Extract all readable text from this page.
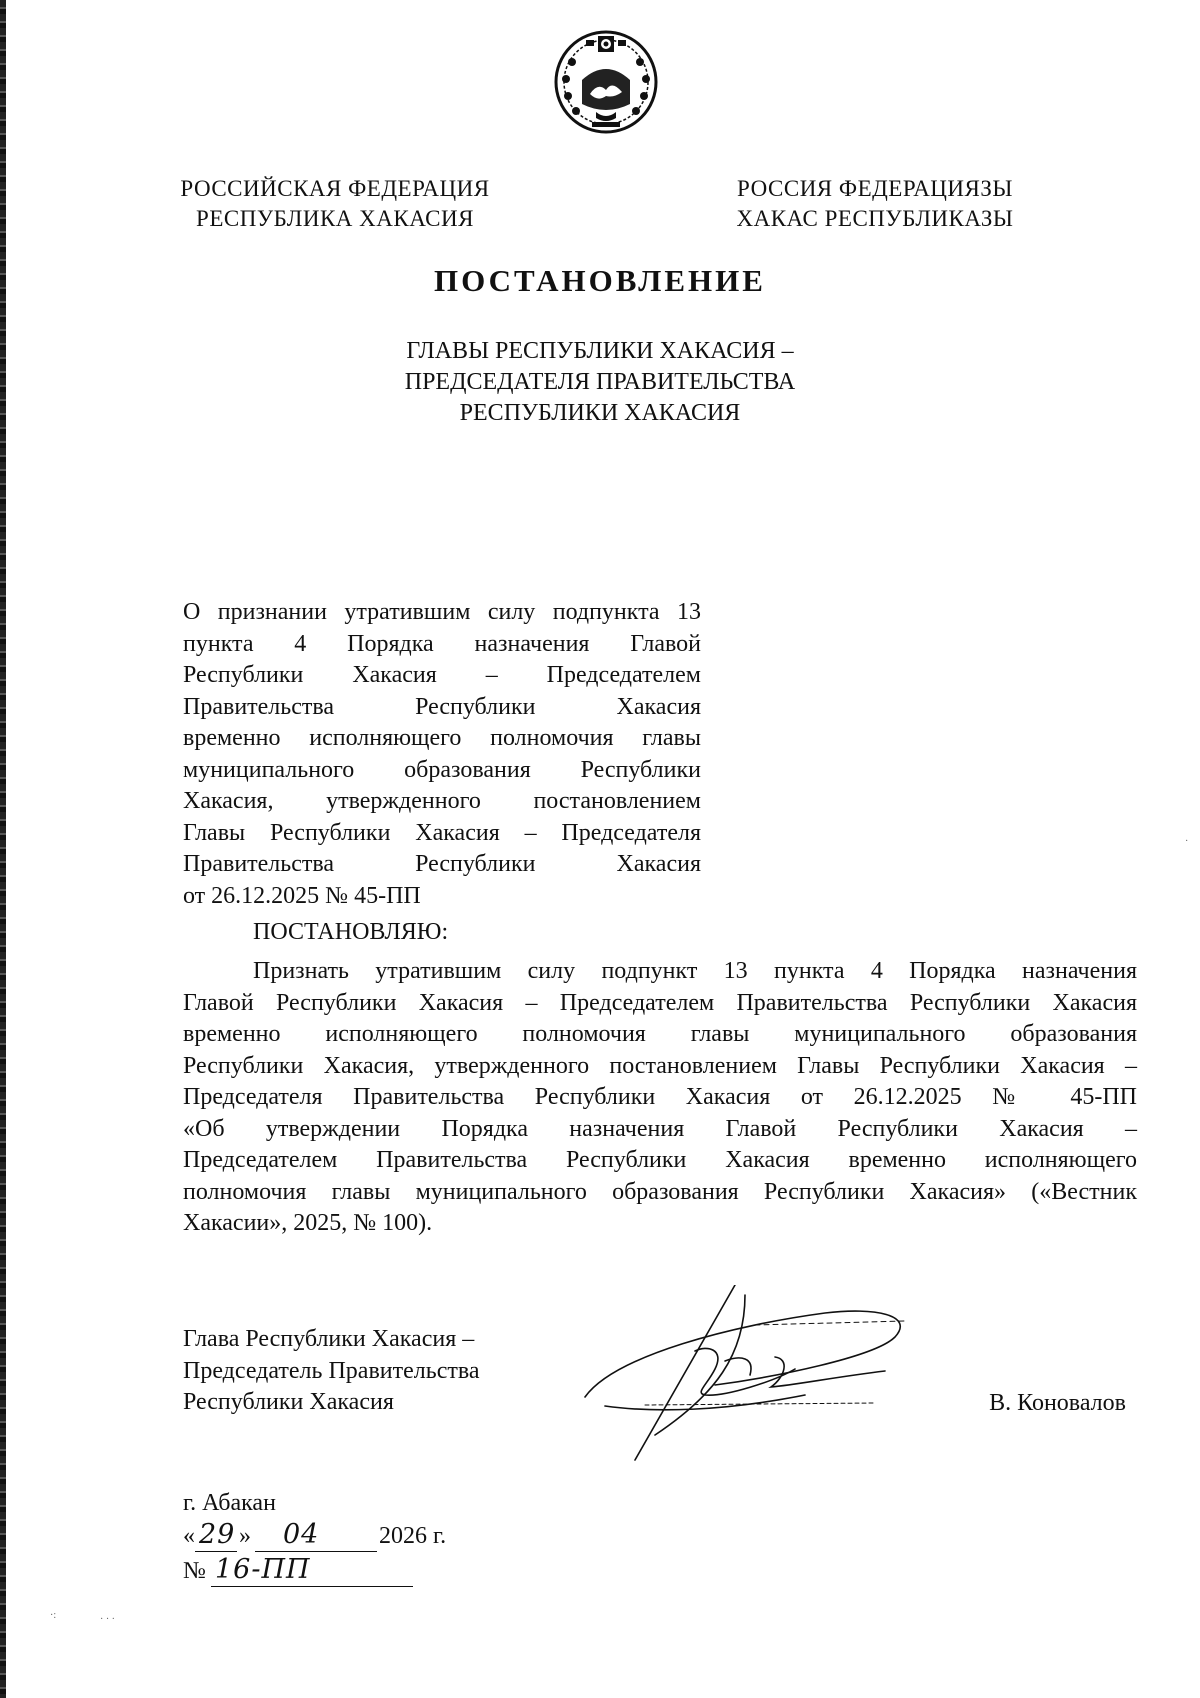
РОССИЙСКАЯ ФЕДЕРАЦИЯ
РЕСПУБЛИКА ХАКАСИЯ
РОССИЯ ФЕДЕРАЦИЯЗЫ
ХАКАС РЕСПУБЛИКАЗЫ
ПОСТАНОВЛЕНИЕ
ГЛАВЫ РЕСПУБЛИКИ ХАКАСИЯ –
ПРЕДСЕДАТЕЛЯ ПРАВИТЕЛЬСТВА
РЕСПУБЛИКИ ХАКАСИЯ
О признании утратившим силу подпункта 13
пункта 4 Порядка назначения Главой
Республики Хакасия – Председателем
Правительства Республики Хакасия
временно исполняющего полномочия главы
муниципального образования Республики
Хакасия, утвержденного постановлением
Главы Республики Хакасия – Председателя
Правительства Республики Хакасия
от 26.12.2025 № 45-ПП
ПОСТАНОВЛЯЮ:
Признать утратившим силу подпункт 13 пункта 4 Порядка назначения
Главой Республики Хакасия – Председателем Правительства Республики Хакасия
временно исполняющего полномочия главы муниципального образования
Республики Хакасия, утвержденного постановлением Главы Республики Хакасия –
Председателя Правительства Республики Хакасия от 26.12.2025 № 45-ПП
«Об утверждении Порядка назначения Главой Республики Хакасия –
Председателем Правительства Республики Хакасия временно исполняющего
полномочия главы муниципального образования Республики Хакасия» («Вестник
Хакасии», 2025, № 100).
Глава Республики Хакасия –
Председатель Правительства
Республики Хакасия	В. Коновалов
г. Абакан
« 29 » 04 2026 г.
№ 16-ПП
·:	· · ·
·
